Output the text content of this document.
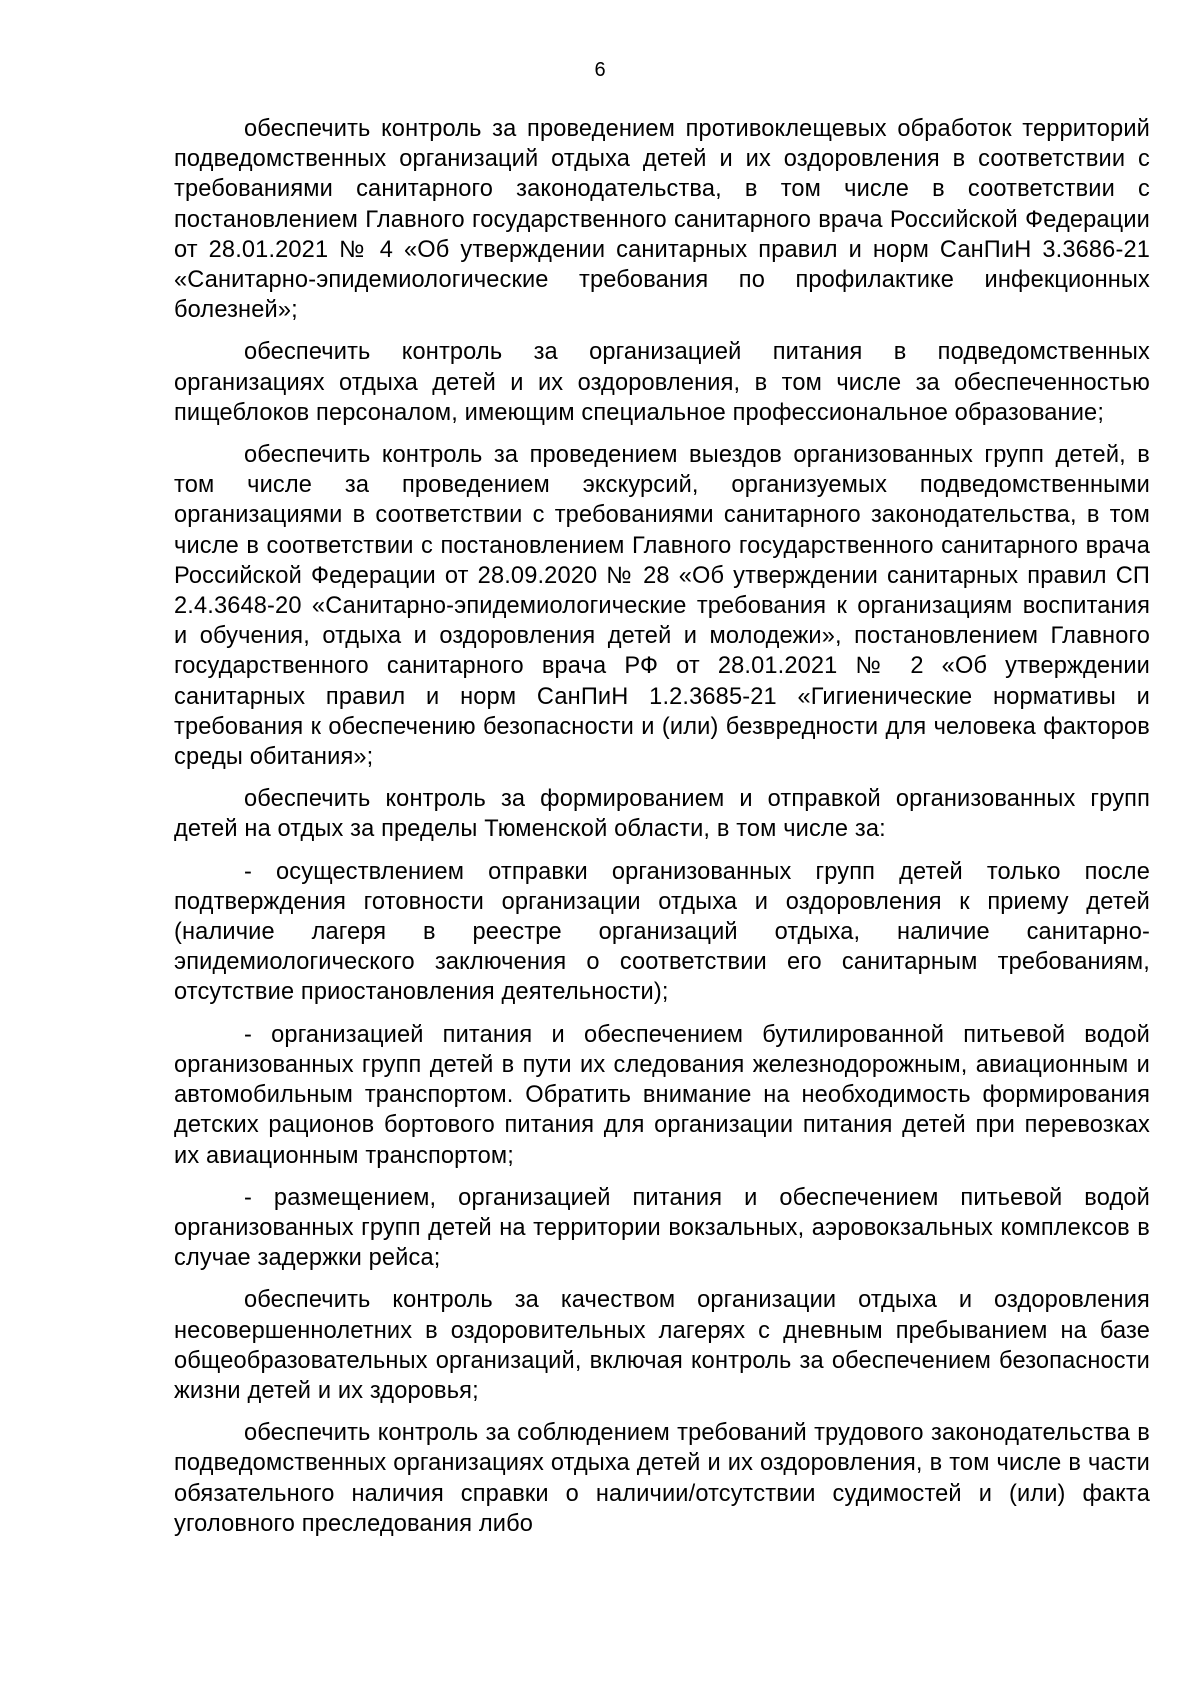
6

обеспечить контроль за проведением противоклещевых обработок территорий подведомственных организаций отдыха детей и их оздоровления в соответствии с требованиями санитарного законодательства, в том числе в соответствии с постановлением Главного государственного санитарного врача Российской Федерации от 28.01.2021 № 4 «Об утверждении санитарных правил и норм СанПиН 3.3686-21 «Санитарно-эпидемиологические требования по профилактике инфекционных болезней»;

обеспечить контроль за организацией питания в подведомственных организациях отдыха детей и их оздоровления, в том числе за обеспеченностью пищеблоков персоналом, имеющим специальное профессиональное образование;

обеспечить контроль за проведением выездов организованных групп детей, в том числе за проведением экскурсий, организуемых подведомственными организациями в соответствии с требованиями санитарного законодательства, в том числе в соответствии с постановлением Главного государственного санитарного врача Российской Федерации от 28.09.2020 № 28 «Об утверждении санитарных правил СП 2.4.3648-20 «Санитарно-эпидемиологические требования к организациям воспитания и обучения, отдыха и оздоровления детей и молодежи», постановлением Главного государственного санитарного врача РФ от 28.01.2021 № 2 «Об утверждении санитарных правил и норм СанПиН 1.2.3685-21 «Гигиенические нормативы и требования к обеспечению безопасности и (или) безвредности для человека факторов среды обитания»;

обеспечить контроль за формированием и отправкой организованных групп детей на отдых за пределы Тюменской области, в том числе за:

- осуществлением отправки организованных групп детей только после подтверждения готовности организации отдыха и оздоровления к приему детей (наличие лагеря в реестре организаций отдыха, наличие санитарно-эпидемиологического заключения о соответствии его санитарным требованиям, отсутствие приостановления деятельности);

- организацией питания и обеспечением бутилированной питьевой водой организованных групп детей в пути их следования железнодорожным, авиационным и автомобильным транспортом. Обратить внимание на необходимость формирования детских рационов бортового питания для организации питания детей при перевозках их авиационным транспортом;

- размещением, организацией питания и обеспечением питьевой водой организованных групп детей на территории вокзальных, аэровокзальных комплексов в случае задержки рейса;

обеспечить контроль за качеством организации отдыха и оздоровления несовершеннолетних в оздоровительных лагерях с дневным пребыванием на базе общеобразовательных организаций, включая контроль за обеспечением безопасности жизни детей и их здоровья;

обеспечить контроль за соблюдением требований трудового законодательства в подведомственных организациях отдыха детей и их оздоровления, в том числе в части обязательного наличия справки о наличии/отсутствии судимостей и (или) факта уголовного преследования либо
